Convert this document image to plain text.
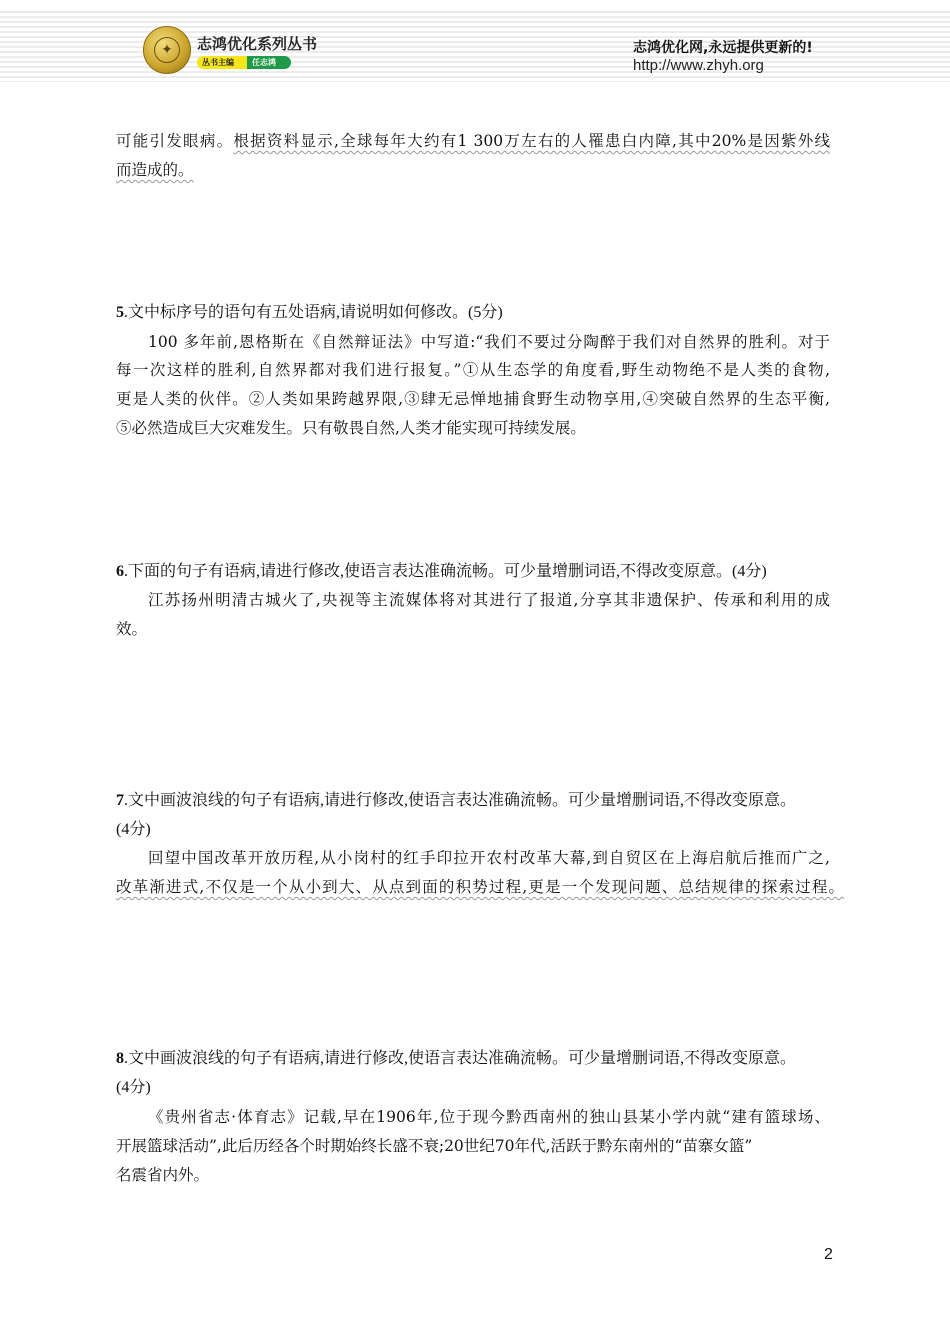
✦	志鸿优化系列丛书
丛书主编	任志鸿
志鸿优化网,永远提供更新的!
http://www.zhyh.org
可能引发眼病。根据资料显示,全球每年大约有1 300万左右的人罹患白内障,其中20%是因紫外线
而造成的。
5.文中标序号的语句有五处语病,请说明如何修改。(5分)
100 多年前,恩格斯在《自然辩证法》中写道:“我们不要过分陶醉于我们对自然界的胜利。对于
每一次这样的胜利,自然界都对我们进行报复。”①从生态学的角度看,野生动物绝不是人类的食物,
更是人类的伙伴。②人类如果跨越界限,③肆无忌惮地捕食野生动物享用,④突破自然界的生态平衡,
⑤必然造成巨大灾难发生。只有敬畏自然,人类才能实现可持续发展。
6.下面的句子有语病,请进行修改,使语言表达准确流畅。可少量增删词语,不得改变原意。(4分)
江苏扬州明清古城火了,央视等主流媒体将对其进行了报道,分享其非遗保护、传承和利用的成
效。
7.文中画波浪线的句子有语病,请进行修改,使语言表达准确流畅。可少量增删词语,不得改变原意。
(4分)
回望中国改革开放历程,从小岗村的红手印拉开农村改革大幕,到自贸区在上海启航后推而广之,
改革渐进式,不仅是一个从小到大、从点到面的积势过程,更是一个发现问题、总结规律的探索过程。
8.文中画波浪线的句子有语病,请进行修改,使语言表达准确流畅。可少量增删词语,不得改变原意。
(4分)
《贵州省志·体育志》记载,早在1906年,位于现今黔西南州的独山县某小学内就“建有篮球场、
开展篮球活动”,此后历经各个时期始终长盛不衰;20世纪70年代,活跃于黔东南州的“苗寨女篮”
名震省内外。
2
